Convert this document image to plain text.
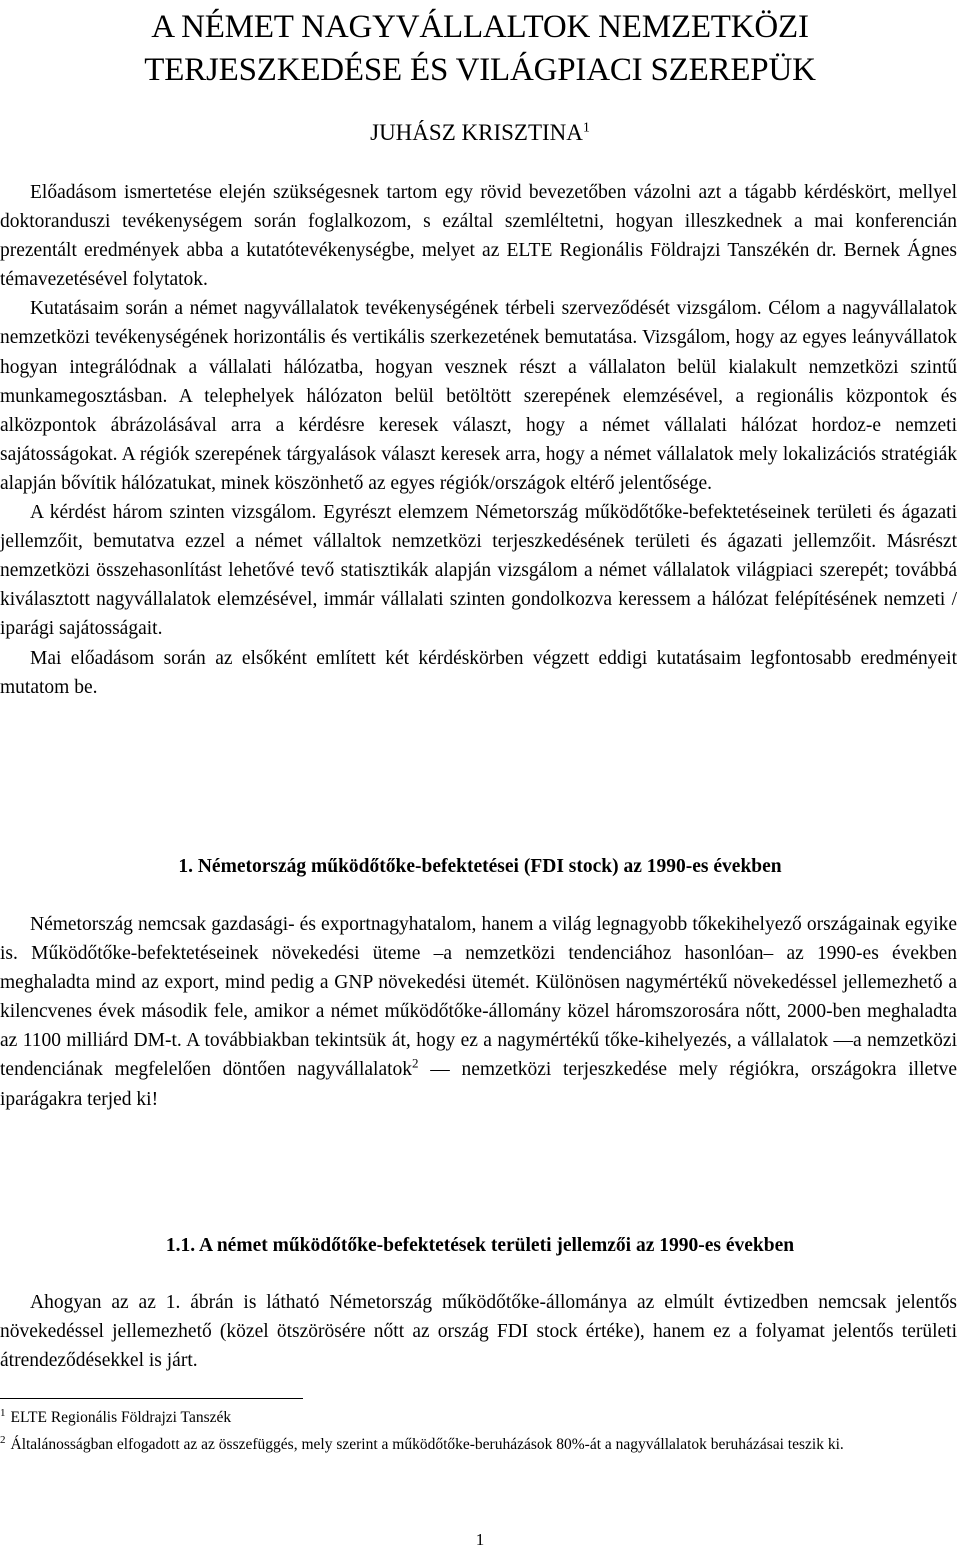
A NÉMET NAGYVÁLLALTOK NEMZETKÖZI
TERJESZKEDÉSE ÉS VILÁGPIACI SZEREPÜK
JUHÁSZ KRISZTINA$^1$

Előadásom ismertetése elején szükségesnek tartom egy rövid bevezetőben vázolni azt a tágabb kérdéskört, mellyel doktoranduszi tevékenységem során foglalkozom, s ezáltal szemléltetni, hogyan illeszkednek a mai konferencián prezentált eredmények abba a kutatótevékenységbe, melyet az ELTE Regionális Földrajzi Tanszékén dr. Bernek Ágnes témavezetésével folytatok.

Kutatásaim során a német nagyvállalatok tevékenységének térbeli szerveződését vizsgálom. Célom a nagyvállalatok nemzetközi tevékenységének horizontális és vertikális szerkezetének bemutatása. Vizsgálom, hogy az egyes leányvállatok hogyan integrálódnak a vállalati hálózatba, hogyan vesznek részt a vállalaton belül kialakult nemzetközi szintű munkamegosztásban. A telephelyek hálózaton belül betöltött szerepének elemzésével, a regionális központok és alközpontok ábrázolásával arra a kérdésre keresek választ, hogy a német vállalati hálózat hordoz-e nemzeti sajátosságokat. A régiók szerepének tárgyalások választ keresek arra, hogy a német vállalatok mely lokalizációs stratégiák alapján bővítik hálózatukat, minek köszönhető az egyes régiók/országok eltérő jelentősége.

A kérdést három szinten vizsgálom. Egyrészt elemzem Németország működőtőke-befektetéseinek területi és ágazati jellemzőit, bemutatva ezzel a német vállaltok nemzetközi terjeszkedésének területi és ágazati jellemzőit. Másrészt nemzetközi összehasonlítást lehetővé tevő statisztikák alapján vizsgálom a német vállalatok világpiaci szerepét; továbbá kiválasztott nagyvállalatok elemzésével, immár vállalati szinten gondolkozva keressem a hálózat felépítésének nemzeti / iparági sajátosságait.

Mai előadásom során az elsőként említett két kérdéskörben végzett eddigi kutatásaim legfontosabb eredményeit mutatom be.

1. Németország működőtőke-befektetései (FDI stock) az 1990-es években

Németország nemcsak gazdasági- és exportnagyhatalom, hanem a világ legnagyobb tőkekihelyező országainak egyike is. Működőtőke-befektetéseinek növekedési üteme –a nemzetközi tendenciához hasonlóan– az 1990-es években meghaladta mind az export, mind pedig a GNP növekedési ütemét. Különösen nagymértékű növekedéssel jellemezhető a kilencvenes évek második fele, amikor a német működőtőke-állomány közel háromszorosára nőtt, 2000-ben meghaladta az 1100 milliárd DM-t. A továbbiakban tekintsük át, hogy ez a nagymértékű tőke-kihelyezés, a vállalatok —a nemzetközi tendenciának megfelelően döntően nagyvállalatok$^2$ — nemzetközi terjeszkedése mely régiókra, országokra illetve iparágakra terjed ki!

1.1. A német működőtőke-befektetések területi jellemzői az 1990-es években

Ahogyan az az 1. ábrán is látható Németország működőtőke-állománya az elmúlt évtizedben nemcsak jelentős növekedéssel jellemezhető (közel ötszörösére nőtt az ország FDI stock értéke), hanem ez a folyamat jelentős területi átrendeződésekkel is járt.

$^1$ ELTE Regionális Földrajzi Tanszék
$^2$ Általánosságban elfogadott az az összefüggés, mely szerint a működőtőke-beruházások 80%-át a nagyvállalatok beruházásai teszik ki.
1
